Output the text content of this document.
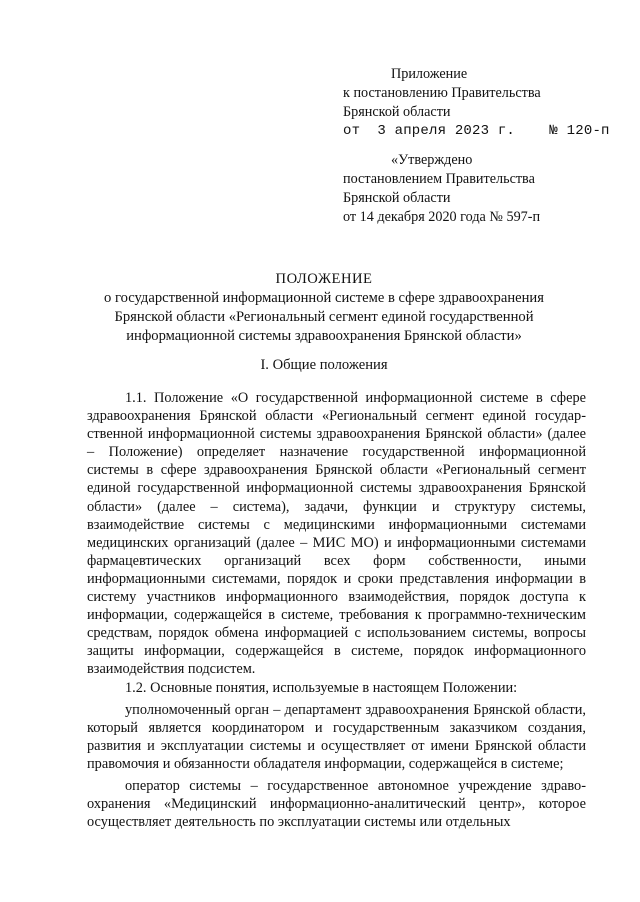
Приложение
к постановлению Правительства
Брянской области
от  3 апреля 2023 г.    № 120-п
«Утверждено
постановлением Правительства
Брянской области
от 14 декабря 2020 года № 597-п
ПОЛОЖЕНИЕ
о государственной информационной системе в сфере здравоохранения
Брянской области «Региональный сегмент единой государственной
информационной системы здравоохранения Брянской области»
I. Общие положения

1.1. Положение «О государственной информационной системе в сфере здравоохранения Брянской области «Региональный сегмент единой государ-ственной информационной системы здравоохранения Брянской области» (далее – Положение) определяет назначение государственной информационной системы в сфере здравоохранения Брянской области «Региональный сегмент единой государственной информационной системы здравоохранения Брянской области» (далее – система), задачи, функции и структуру системы, взаимодействие системы с медицинскими информационными системами медицинских организаций (далее – МИС МО) и информационными системами фармацевтических организаций всех форм собственности, иными информационными системами, порядок и сроки представления информации в систему участников информационного взаимодействия, порядок доступа к информации, содержащейся в системе, требования к программно-техническим средствам, порядок обмена информацией с использованием системы, вопросы защиты информации, содержащейся в системе, порядок информационного взаимодействия подсистем.

1.2. Основные понятия, используемые в настоящем Положении:

уполномоченный орган – департамент здравоохранения Брянской области, который является координатором и государственным заказчиком создания, развития и эксплуатации системы и осуществляет от имени Брянской области правомочия и обязанности обладателя информации, содержащейся в системе;

оператор системы – государственное автономное учреждение здраво-охранения «Медицинский информационно-аналитический центр», которое осуществляет деятельность по эксплуатации системы или отдельных
